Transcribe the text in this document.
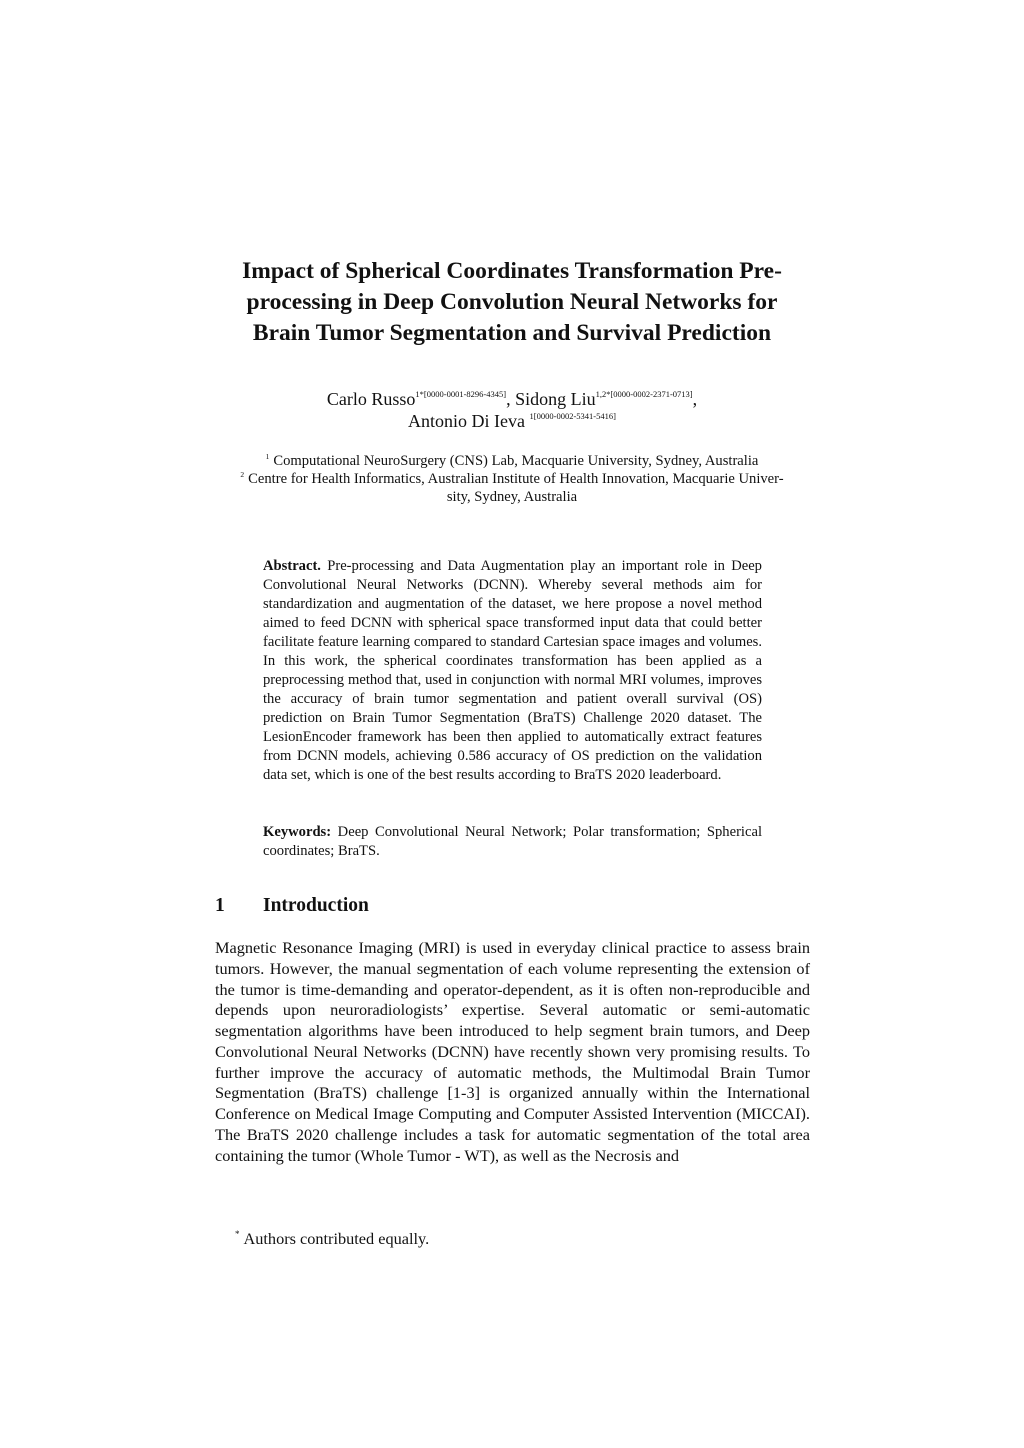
Impact of Spherical Coordinates Transformation Pre-
processing in Deep Convolution Neural Networks for
Brain Tumor Segmentation and Survival Prediction
Carlo Russo$^{1*[0000-0001-8296-4345]}$, Sidong Liu$^{1,2*[0000-0002-2371-0713]}$,
Antonio Di Ieva $^{1[0000-0002-5341-5416]}$
$^1$ Computational NeuroSurgery (CNS) Lab, Macquarie University, Sydney, Australia
$^2$ Centre for Health Informatics, Australian Institute of Health Innovation, Macquarie Univer-
sity, Sydney, Australia

Abstract. Pre-processing and Data Augmentation play an important role in Deep Convolutional Neural Networks (DCNN). Whereby several methods aim for standardization and augmentation of the dataset, we here propose a novel method aimed to feed DCNN with spherical space transformed input data that could better facilitate feature learning compared to standard Cartesian space images and volumes. In this work, the spherical coordinates transformation has been applied as a preprocessing method that, used in conjunction with normal MRI volumes, improves the accuracy of brain tumor segmentation and patient overall survival (OS) prediction on Brain Tumor Segmentation (BraTS) Challenge 2020 dataset. The LesionEncoder framework has been then applied to automatically extract features from DCNN models, achieving 0.586 accuracy of OS prediction on the validation data set, which is one of the best results according to BraTS 2020 leaderboard.

Keywords: Deep Convolutional Neural Network; Polar transformation; Spherical coordinates; BraTS.

1 Introduction

Magnetic Resonance Imaging (MRI) is used in everyday clinical practice to assess brain tumors. However, the manual segmentation of each volume representing the extension of the tumor is time-demanding and operator-dependent, as it is often non-reproducible and depends upon neuroradiologists’ expertise. Several automatic or semi-automatic segmentation algorithms have been introduced to help segment brain tumors, and Deep Convolutional Neural Networks (DCNN) have recently shown very promising results. To further improve the accuracy of automatic methods, the Multimodal Brain Tumor Segmentation (BraTS) challenge [1-3] is organized annually within the International Conference on Medical Image Computing and Computer Assisted Intervention (MICCAI). The BraTS 2020 challenge includes a task for automatic segmentation of the total area containing the tumor (Whole Tumor - WT), as well as the Necrosis and

* Authors contributed equally.
